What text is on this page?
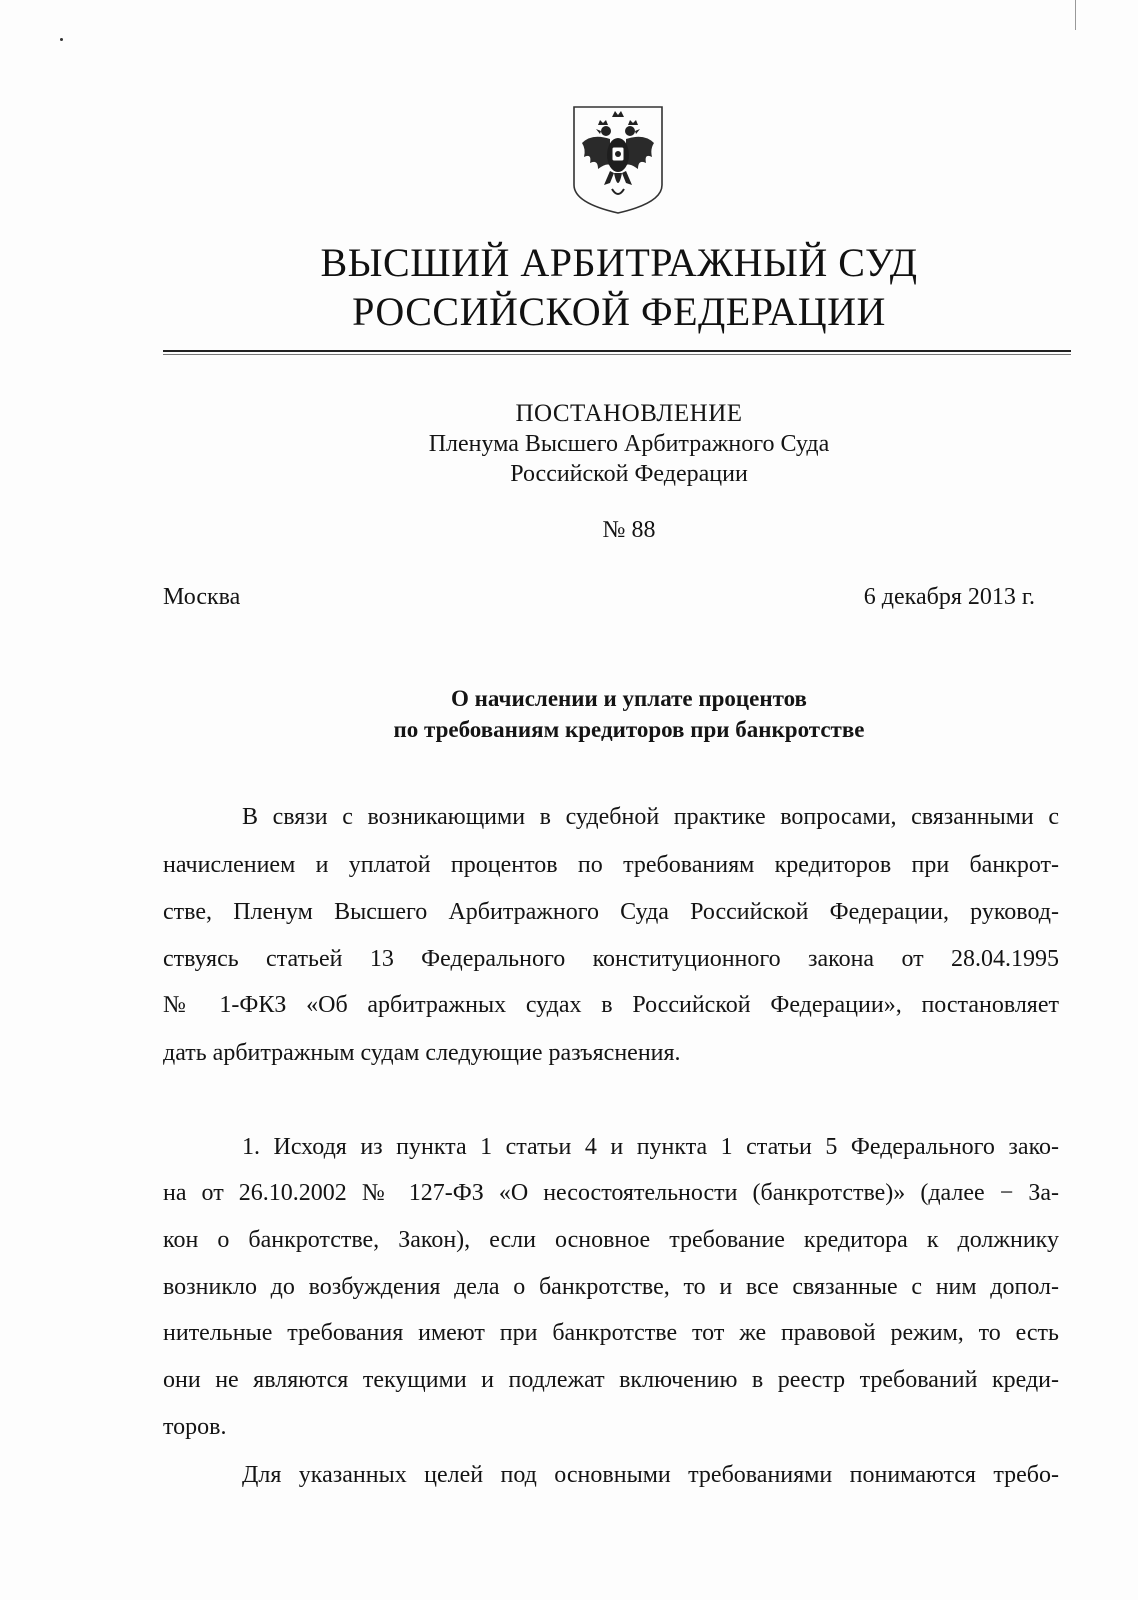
ВЫСШИЙ АРБИТРАЖНЫЙ СУД
РОССИЙСКОЙ ФЕДЕРАЦИИ
ПОСТАНОВЛЕНИЕ
Пленума Высшего Арбитражного Суда
Российской Федерации
№ 88
Москва	6 декабря 2013 г.
О начислении и уплате процентов
по требованиям кредиторов при банкротстве
В связи с возникающими в судебной практике вопросами, связанными с
начислением и уплатой процентов по требованиям кредиторов при банкрот-
стве, Пленум Высшего Арбитражного Суда Российской Федерации, руковод-
ствуясь статьей 13 Федерального конституционного закона от 28.04.1995
№ 1-ФКЗ «Об арбитражных судах в Российской Федерации», постановляет
дать арбитражным судам следующие разъяснения.
1. Исходя из пункта 1 статьи 4 и пункта 1 статьи 5 Федерального зако-
на от 26.10.2002 № 127-ФЗ «О несостоятельности (банкротстве)» (далее − За-
кон о банкротстве, Закон), если основное требование кредитора к должнику
возникло до возбуждения дела о банкротстве, то и все связанные с ним допол-
нительные требования имеют при банкротстве тот же правовой режим, то есть
они не являются текущими и подлежат включению в реестр требований креди-
торов.
Для указанных целей под основными требованиями понимаются требо-
